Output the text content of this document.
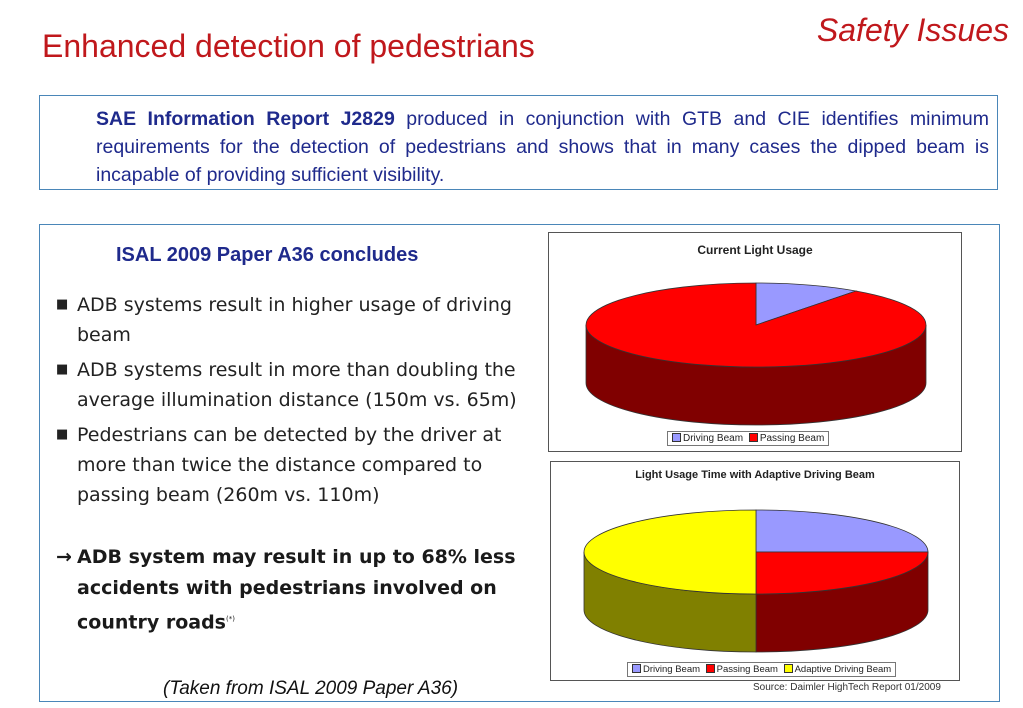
Enhanced detection of pedestrians	Safety Issues

SAE Information Report J2829 produced in conjunction with GTB and CIE identifies minimum requirements for the detection of pedestrians and shows that in many cases the dipped beam is incapable of providing sufficient visibility.

ISAL 2009 Paper A36 concludes
■ ADB systems result in higher usage of driving beam
■ ADB systems result in more than doubling the average illumination distance (150m vs. 65m)
■ Pedestrians can be detected by the driver at more than twice the distance compared to passing beam (260m vs. 110m)
→ ADB system may result in up to 68% less accidents with pedestrians involved on country roads(*)
(Taken from ISAL 2009 Paper A36)
Current Light Usage
Driving Beam Passing Beam
Light Usage Time with Adaptive Driving Beam
Driving Beam Passing Beam Adaptive Driving Beam
Source: Daimler HighTech Report 01/2009
